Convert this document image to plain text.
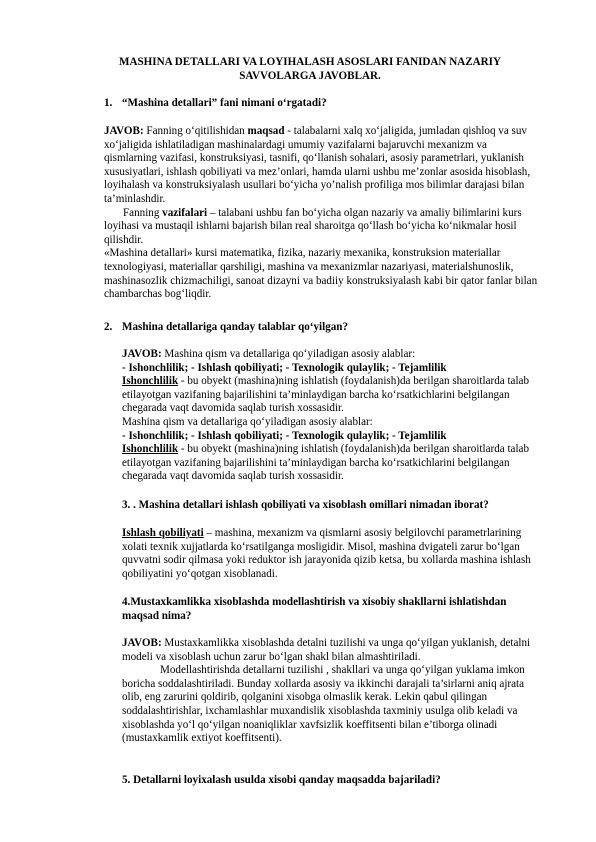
MASHINA DETALLARI VA LOYIHALASH ASOSLARI FANIDAN NAZARIY
SAVVOLARGA JAVOBLAR.

1. “Mashina detallari” fani nimani o‘rgatadi?

JAVOB: Fanning o‘qitilishidan maqsad - talabalarni xalq xo‘jaligida, jumladan qishloq va suv xo‘jaligida ishlatiladigan mashinalardagi umumiy vazifalarni bajaruvchi mexanizm va qismlarning vazifasi, konstruksiyasi, tasnifi, qo‘llanish sohalari, asosiy parametrlari, yuklanish xususiyatlari, ishlash qobiliyati va mez’onlari, hamda ularni ushbu me’zonlar asosida hisoblash, loyihalash va konstruksiyalash usullari bo‘yicha yo’nalish profiliga mos bilimlar darajasi bilan ta’minlashdir.

Fanning vazifalari – talabani ushbu fan bo‘yicha olgan nazariy va amaliy bilimlarini kurs loyihasi va mustaqil ishlarni bajarish bilan real sharoitga qo‘llash bo‘yicha ko‘nikmalar hosil qilishdir.

«Mashina detallari» kursi matematika, fizika, nazariy mexanika, konstruksion materiallar texnologiyasi, materiallar qarshiligi, mashina va mexanizmlar nazariyasi, materialshunoslik, mashinasozlik chizmachiligi, sanoat dizayni va badiiy konstruksiyalash kabi bir qator fanlar bilan chambarchas bog‘liqdir.

2. Mashina detallariga qanday talablar qo‘yilgan?

JAVOB: Mashina qism va detallariga qo‘yiladigan asosiy alablar:

- Ishonchlilik; - Ishlash qobiliyati; - Texnologik qulaylik; - Tejamlilik

Ishonchlilik - bu obyekt (mashina)ning ishlatish (foydalanish)da berilgan sharoitlarda talab etilayotgan vazifaning bajarilishini ta’minlaydigan barcha ko‘rsatkichlarini belgilangan chegarada vaqt davomida saqlab turish xossasidir.

Mashina qism va detallariga qo‘yiladigan asosiy alablar:

- Ishonchlilik; - Ishlash qobiliyati; - Texnologik qulaylik; - Tejamlilik

Ishonchlilik - bu obyekt (mashina)ning ishlatish (foydalanish)da berilgan sharoitlarda talab etilayotgan vazifaning bajarilishini ta’minlaydigan barcha ko‘rsatkichlarini belgilangan chegarada vaqt davomida saqlab turish xossasidir.

3. . Mashina detallari ishlash qobiliyati va xisoblash omillari nimadan iborat?

Ishlash qobiliyati – mashina, mexanizm va qismlarni asosiy belgilovchi parametrlarining xolati texnik xujjatlarda ko‘rsatilganga mosligidir. Misol, mashina dvigateli zarur bo‘lgan quvvatni sodir qilmasa yoki reduktor ish jarayonida qizib ketsa, bu xollarda mashina ishlash qobiliyatini yo‘qotgan xisoblanadi.

4.Mustaxkamlikka xisoblashda modellashtirish va xisobiy shakllarni ishlatishdan maqsad nima?

JAVOB: Mustaxkamlikka xisoblashda detalni tuzilishi va unga qo‘yilgan yuklanish, detalni modeli va xisoblash uchun zarur bo‘lgan shakl bilan almashtiriladi.

Modellashtirishda detallarni tuzilishi , shakllari va unga qo‘yilgan yuklama imkon boricha soddalashtiriladi. Bunday xollarda asosiy va ikkinchi darajali ta’sirlarni aniq ajrata olib, eng zarurini qoldirib, qolganini xisobga olmaslik kerak. Lekin qabul qilingan soddalashtirishlar, ixchamlashlar muxandislik xisoblashda taxminiy usulga olib keladi va xisoblashda yo‘l qo‘yilgan noaniqliklar xavfsizlik koeffitsenti bilan e’tiborga olinadi (mustaxkamlik extiyot koeffitsenti).

5. Detallarni loyixalash usulda xisobi qanday maqsadda bajariladi?
